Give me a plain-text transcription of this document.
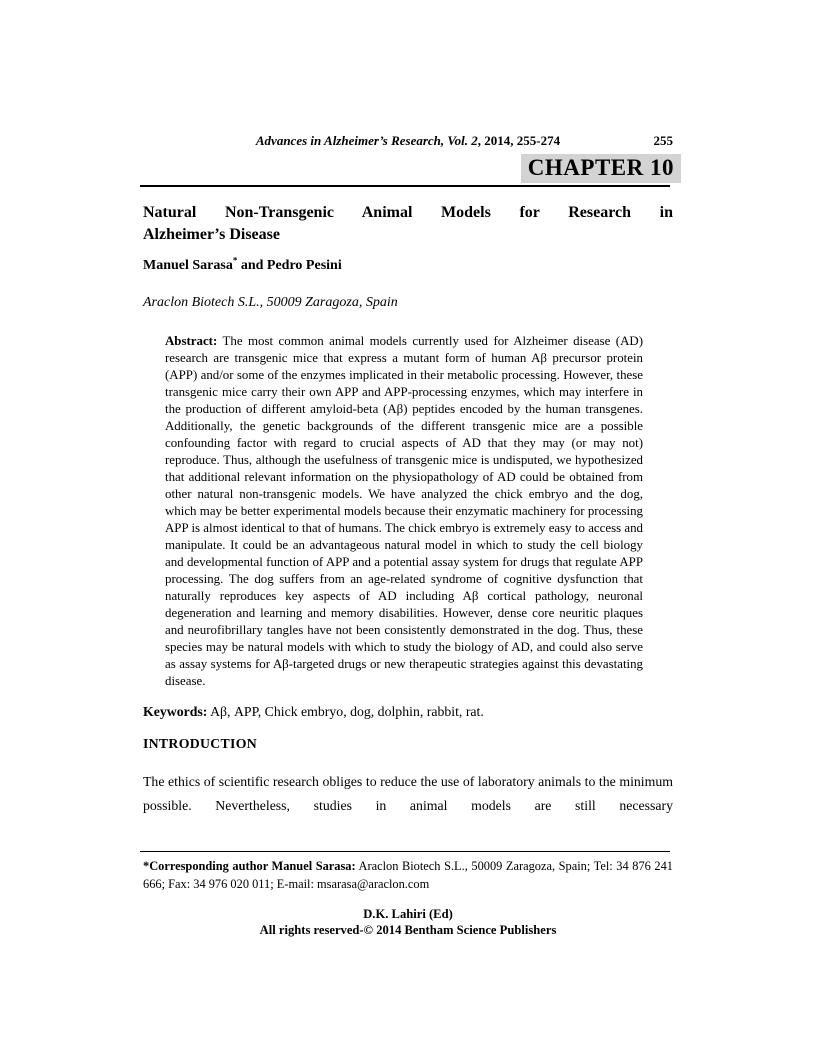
Advances in Alzheimer’s Research, Vol. 2, 2014, 255-274	255
CHAPTER 10
Natural Non-Transgenic Animal Models for Research in
Alzheimer’s Disease
Manuel Sarasa* and Pedro Pesini
Araclon Biotech S.L., 50009 Zaragoza, Spain
Abstract: The most common animal models currently used for Alzheimer disease (AD) research are transgenic mice that express a mutant form of human Aβ precursor protein (APP) and/or some of the enzymes implicated in their metabolic processing. However, these transgenic mice carry their own APP and APP-processing enzymes, which may interfere in the production of different amyloid-beta (Aβ) peptides encoded by the human transgenes. Additionally, the genetic backgrounds of the different transgenic mice are a possible confounding factor with regard to crucial aspects of AD that they may (or may not) reproduce. Thus, although the usefulness of transgenic mice is undisputed, we hypothesized that additional relevant information on the physiopathology of AD could be obtained from other natural non-transgenic models. We have analyzed the chick embryo and the dog, which may be better experimental models because their enzymatic machinery for processing APP is almost identical to that of humans. The chick embryo is extremely easy to access and manipulate. It could be an advantageous natural model in which to study the cell biology and developmental function of APP and a potential assay system for drugs that regulate APP processing. The dog suffers from an age-related syndrome of cognitive dysfunction that naturally reproduces key aspects of AD including Aβ cortical pathology, neuronal degeneration and learning and memory disabilities. However, dense core neuritic plaques and neurofibrillary tangles have not been consistently demonstrated in the dog. Thus, these species may be natural models with which to study the biology of AD, and could also serve as assay systems for Aβ-targeted drugs or new therapeutic strategies against this devastating disease.
Keywords: Aβ, APP, Chick embryo, dog, dolphin, rabbit, rat.
INTRODUCTION
The ethics of scientific research obliges to reduce the use of laboratory animals to the minimum possible. Nevertheless, studies in animal models are still necessary
*Corresponding author Manuel Sarasa: Araclon Biotech S.L., 50009 Zaragoza, Spain; Tel: 34 876 241 666; Fax: 34 976 020 011; E-mail: msarasa@araclon.com
D.K. Lahiri (Ed)
All rights reserved-© 2014 Bentham Science Publishers
